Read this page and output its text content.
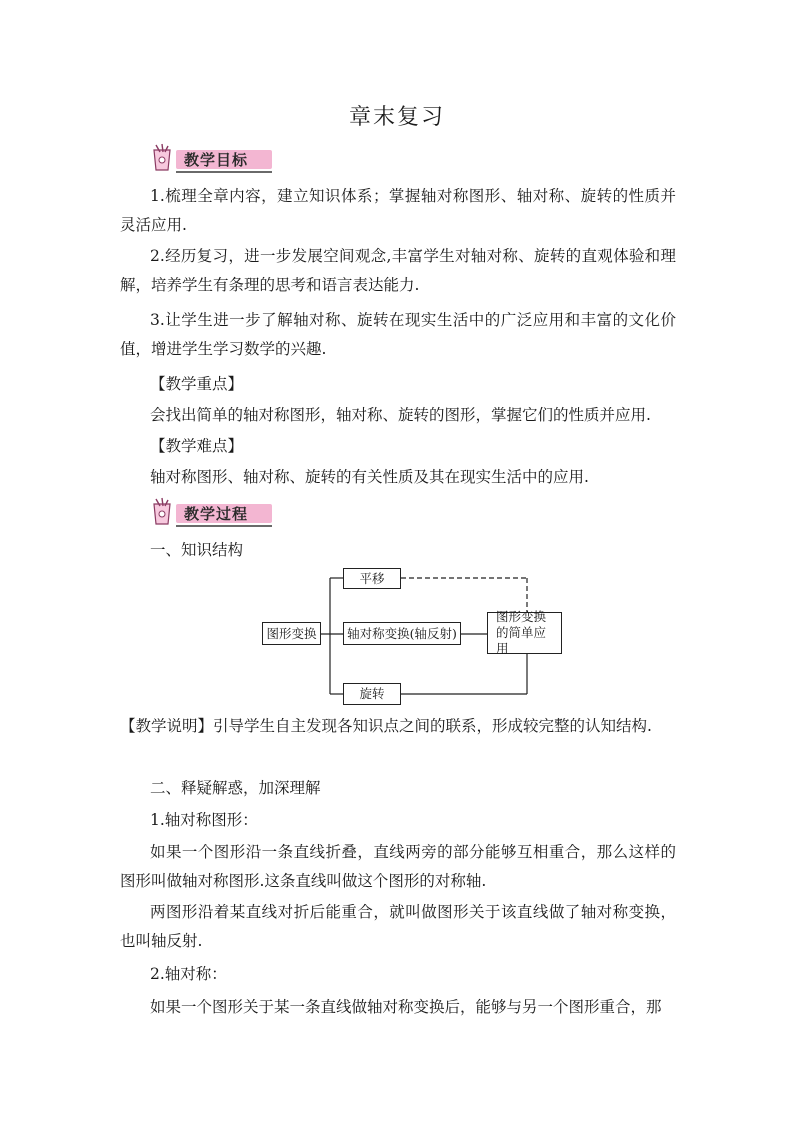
章末复习
教学目标
1.梳理全章内容，建立知识体系；掌握轴对称图形、轴对称、旋转的性质并灵活应用.
2.经历复习，进一步发展空间观念,丰富学生对轴对称、旋转的直观体验和理解，培养学生有条理的思考和语言表达能力.
3.让学生进一步了解轴对称、旋转在现实生活中的广泛应用和丰富的文化价值，增进学生学习数学的兴趣.
【教学重点】
会找出简单的轴对称图形，轴对称、旋转的图形，掌握它们的性质并应用.
【教学难点】
轴对称图形、轴对称、旋转的有关性质及其在现实生活中的应用.
教学过程
一、知识结构
平移
图形变换	轴对称变换(轴反射)
图形变换的简单应用
旋转
【教学说明】引导学生自主发现各知识点之间的联系，形成较完整的认知结构.
二、释疑解惑，加深理解
1.轴对称图形：
如果一个图形沿一条直线折叠，直线两旁的部分能够互相重合，那么这样的图形叫做轴对称图形.这条直线叫做这个图形的对称轴.
两图形沿着某直线对折后能重合，就叫做图形关于该直线做了轴对称变换，也叫轴反射.
2.轴对称：
如果一个图形关于某一条直线做轴对称变换后，能够与另一个图形重合，那
